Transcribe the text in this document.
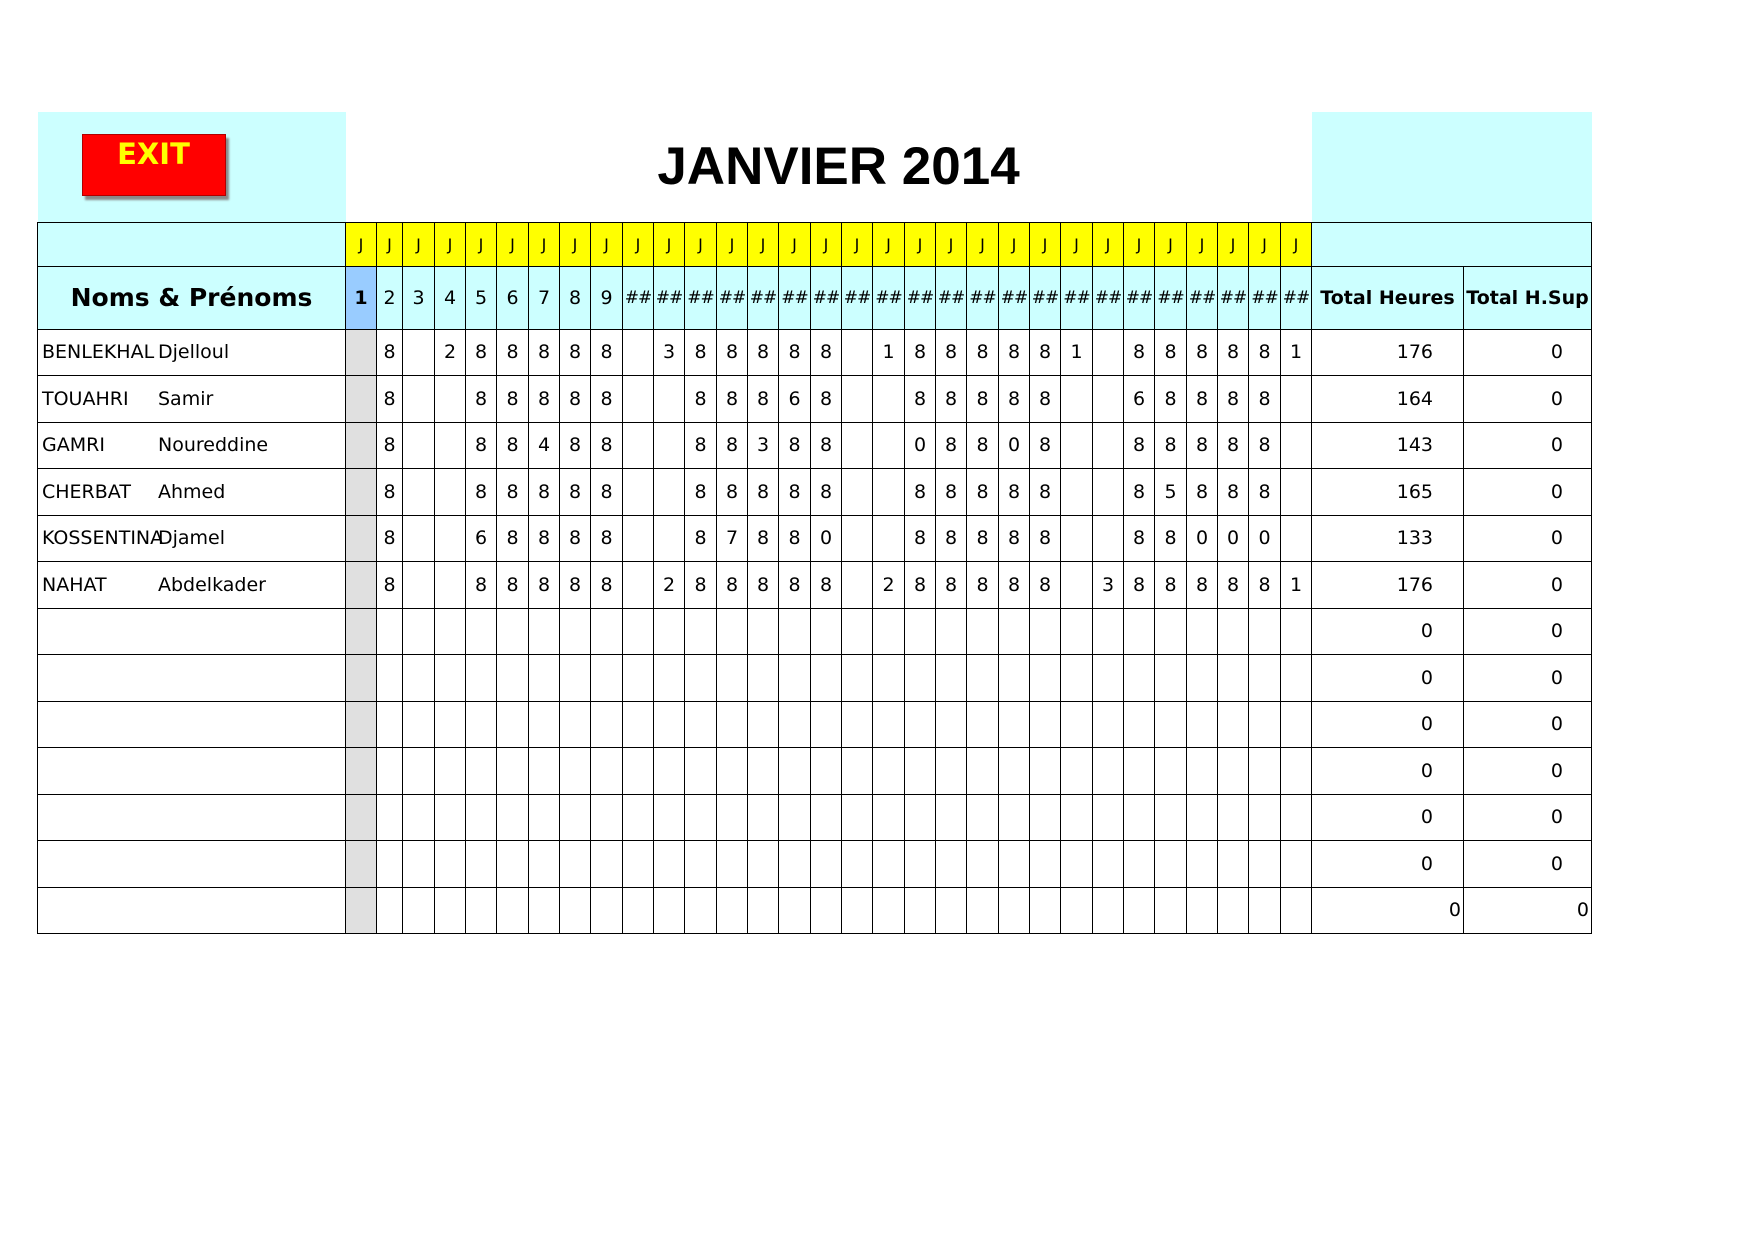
EXIT	JANVIER 2014																																
	J	J	J	J	J	J	J	J	J	J	J	J	J	J	J	J	J	J	J	J	J	J	J	J	J	J	J	J	J	J	J		
Noms & Prénoms	1	2	3	4	5	6	7	8	9	##	##	##	##	##	##	##	##	##	##	##	##	##	##	##	##	##	##	##	##	##	##	Total Heures	Total H.Sup
BENLEKHAL Djelloul		8		2	8	8	8	8	8		3	8	8	8	8	8		1	8	8	8	8	8	1		8	8	8	8	8	1	176	0
TOUAHRI Samir		8			8	8	8	8	8			8	8	8	6	8			8	8	8	8	8			6	8	8	8	8		164	0
GAMRI Noureddine		8			8	8	4	8	8			8	8	3	8	8			0	8	8	0	8			8	8	8	8	8		143	0
CHERBAT Ahmed		8			8	8	8	8	8			8	8	8	8	8			8	8	8	8	8			8	5	8	8	8		165	0
KOSSENTINADjamel		8			6	8	8	8	8			8	7	8	8	0			8	8	8	8	8			8	8	0	0	0		133	0
NAHAT Abdelkader		8			8	8	8	8	8		2	8	8	8	8	8		2	8	8	8	8	8		3	8	8	8	8	8	1	176	0
																																0	0
																																0	0
																																0	0
																																0	0
																																0	0
																																0	0
																																0	0
